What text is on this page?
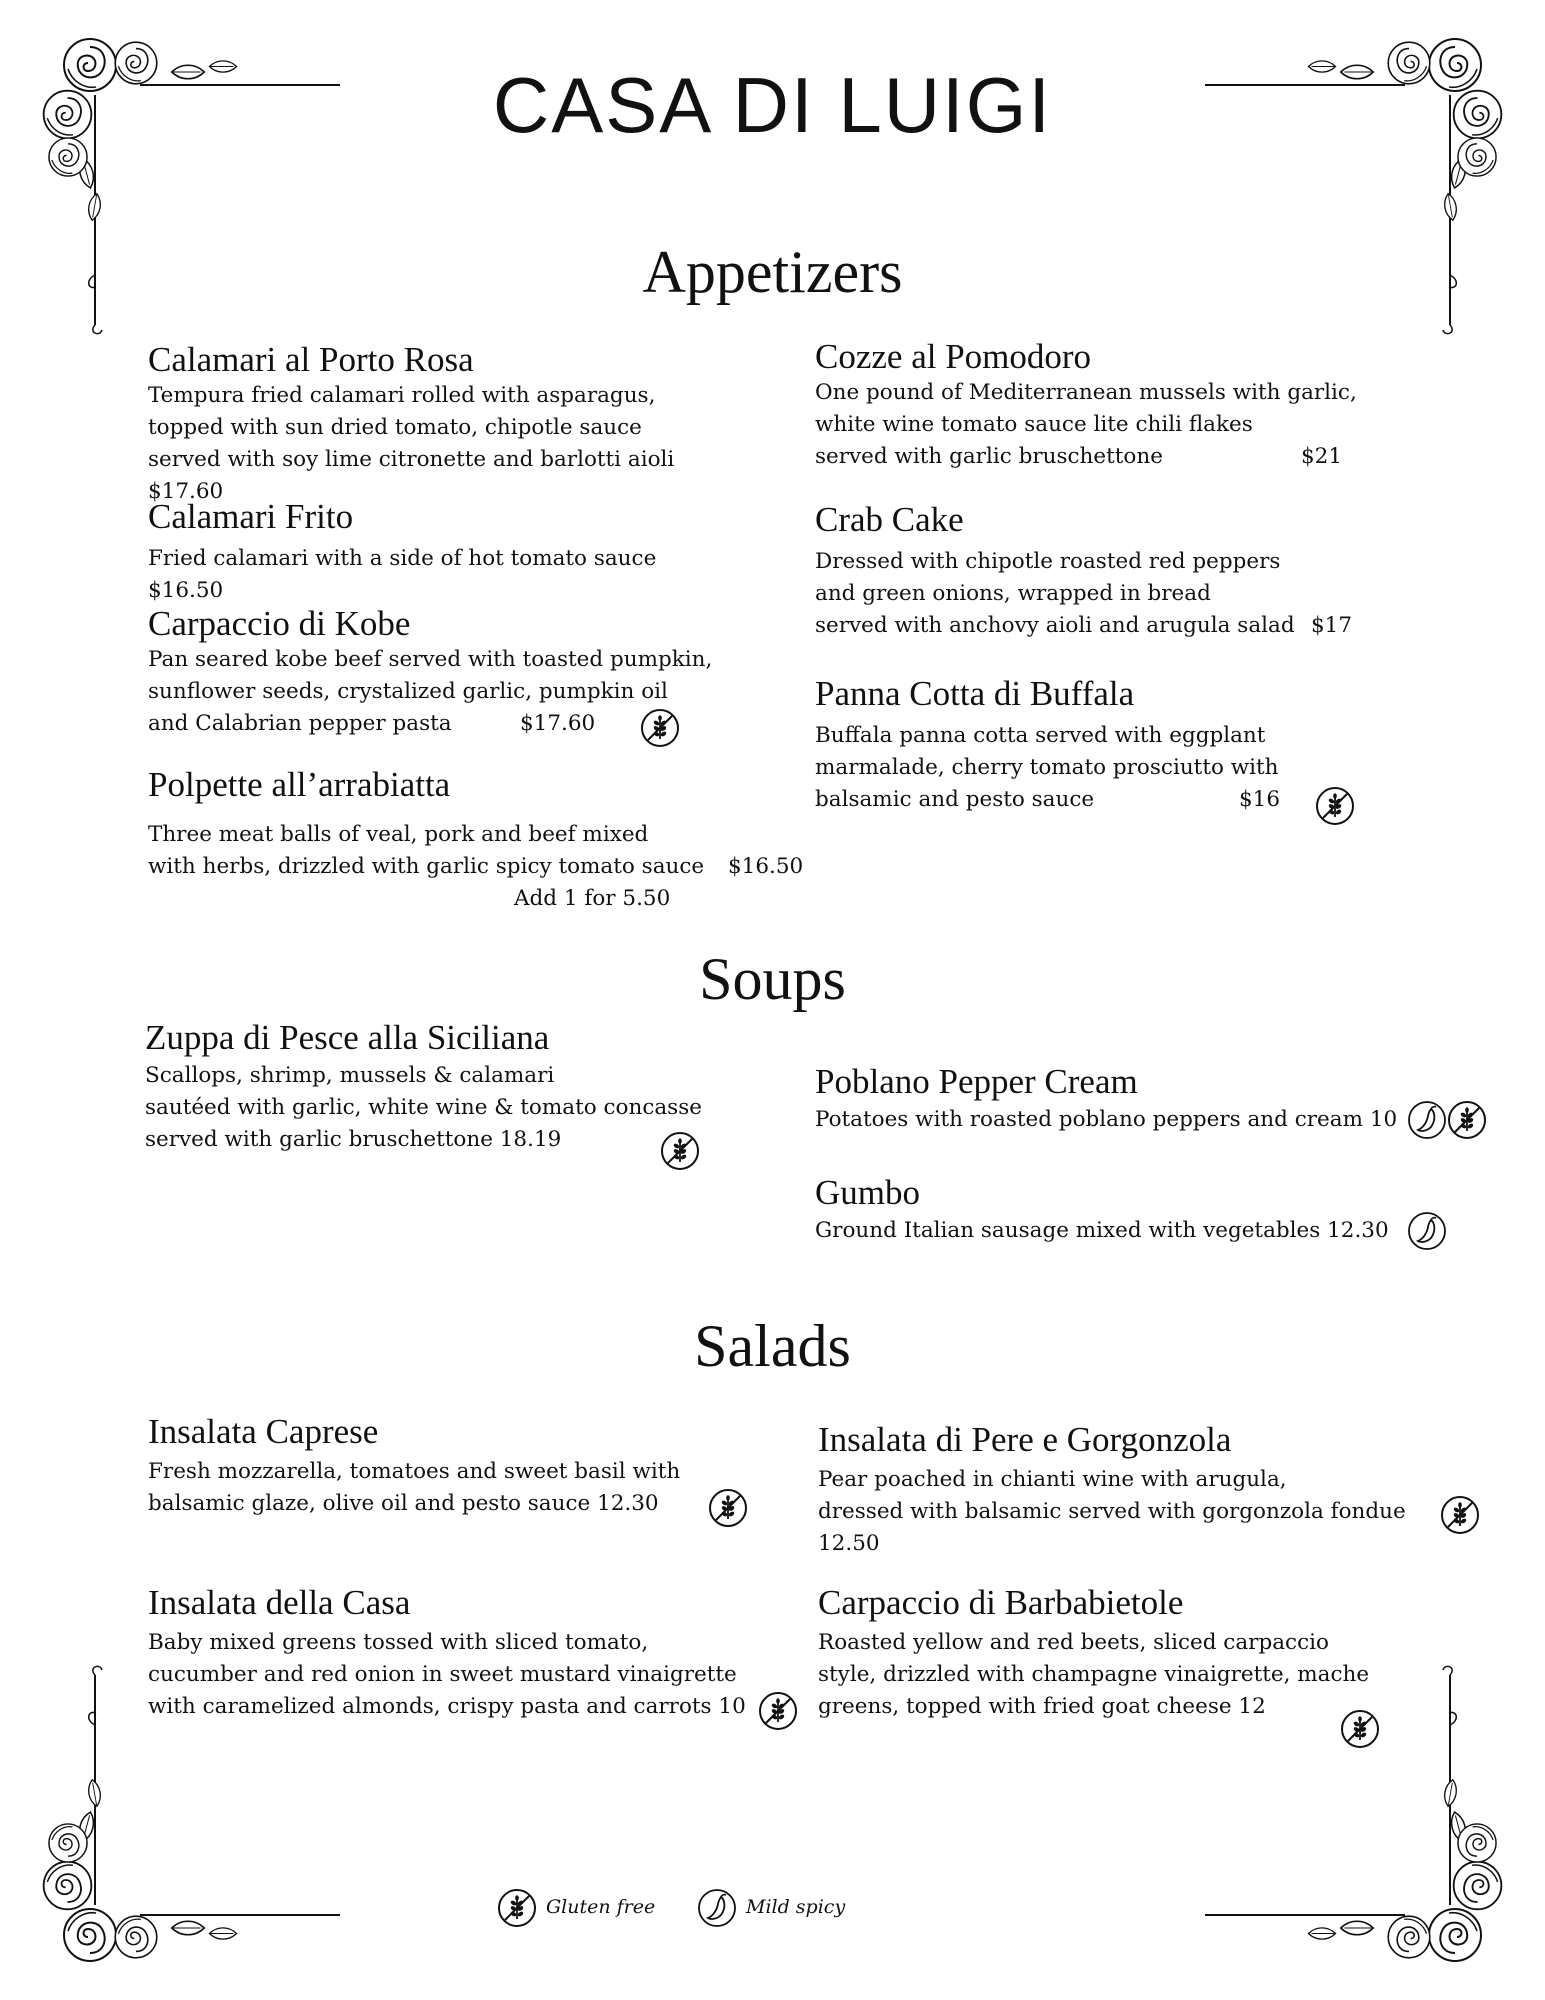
CASA DI LUIGI
Appetizers
Calamari al Porto Rosa
Tempura fried calamari rolled with asparagus,
topped with sun dried tomato, chipotle sauce
served with soy lime citronette and barlotti aioli
$17.60
Calamari Frito
Fried calamari with a side of hot tomato sauce
$16.50
Carpaccio di Kobe
Pan seared kobe beef served with toasted pumpkin,
sunflower seeds, crystalized garlic, pumpkin oil
and Calabrian pepper pasta	$17.60
Polpette all’arrabiatta
Three meat balls of veal, pork and beef mixed
with herbs, drizzled with garlic spicy tomato sauce	$16.50
Add 1 for 5.50
Cozze al Pomodoro
One pound of Mediterranean mussels with garlic,
white wine tomato sauce lite chili flakes
served with garlic bruschettone	$21
Crab Cake
Dressed with chipotle roasted red peppers
and green onions, wrapped in bread
served with anchovy aioli and arugula salad $17
Panna Cotta di Buffala
Buffala panna cotta served with eggplant
marmalade, cherry tomato prosciutto with
balsamic and pesto sauce	$16
Soups
Zuppa di Pesce alla Siciliana
Scallops, shrimp, mussels & calamari
sautéed with garlic, white wine & tomato concasse
served with garlic bruschettone 18.19
Poblano Pepper Cream
Potatoes with roasted poblano peppers and cream 10
Gumbo
Ground Italian sausage mixed with vegetables 12.30
Salads
Insalata Caprese
Fresh mozzarella, tomatoes and sweet basil with
balsamic glaze, olive oil and pesto sauce 12.30
Insalata della Casa
Baby mixed greens tossed with sliced tomato,
cucumber and red onion in sweet mustard vinaigrette
with caramelized almonds, crispy pasta and carrots 10
Insalata di Pere e Gorgonzola
Pear poached in chianti wine with arugula,
dressed with balsamic served with gorgonzola fondue
12.50
Carpaccio di Barbabietole
Roasted yellow and red beets, sliced carpaccio
style, drizzled with champagne vinaigrette, mache
greens, topped with fried goat cheese 12
Gluten free	Mild spicy
